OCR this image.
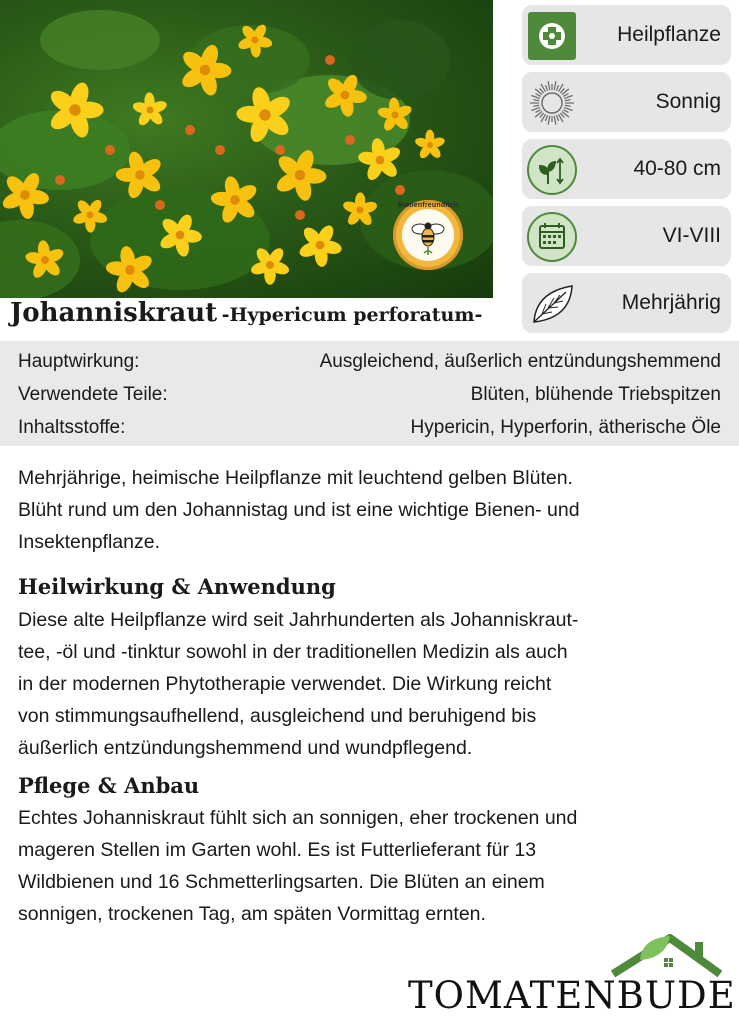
Bienenfreundlich
Heilpflanze
Sonnig
40-80 cm
VI-VIII
Mehrjährig
Johanniskraut -Hypericum perforatum-
Hauptwirkung:	Ausgleichend, äußerlich entzündungshemmend
Verwendete Teile:	Blüten, blühende Triebspitzen
Inhaltsstoffe:	Hypericin, Hyperforin, ätherische Öle
Mehrjährige, heimische Heilpflanze mit leuchtend gelben Blüten.
Blüht rund um den Johannistag und ist eine wichtige Bienen- und
Insektenpflanze.
Heilwirkung & Anwendung
Diese alte Heilpflanze wird seit Jahrhunderten als Johanniskraut-
tee, -öl und -tinktur sowohl in der traditionellen Medizin als auch
in der modernen Phytotherapie verwendet. Die Wirkung reicht
von stimmungsaufhellend, ausgleichend und beruhigend bis
äußerlich entzündungshemmend und wundpflegend.
Pflege & Anbau
Echtes Johanniskraut fühlt sich an sonnigen, eher trockenen und
mageren Stellen im Garten wohl. Es ist Futterlieferant für 13
Wildbienen und 16 Schmetterlingsarten. Die Blüten an einem
sonnigen, trockenen Tag, am späten Vormittag ernten.
TOMATENBUDE
